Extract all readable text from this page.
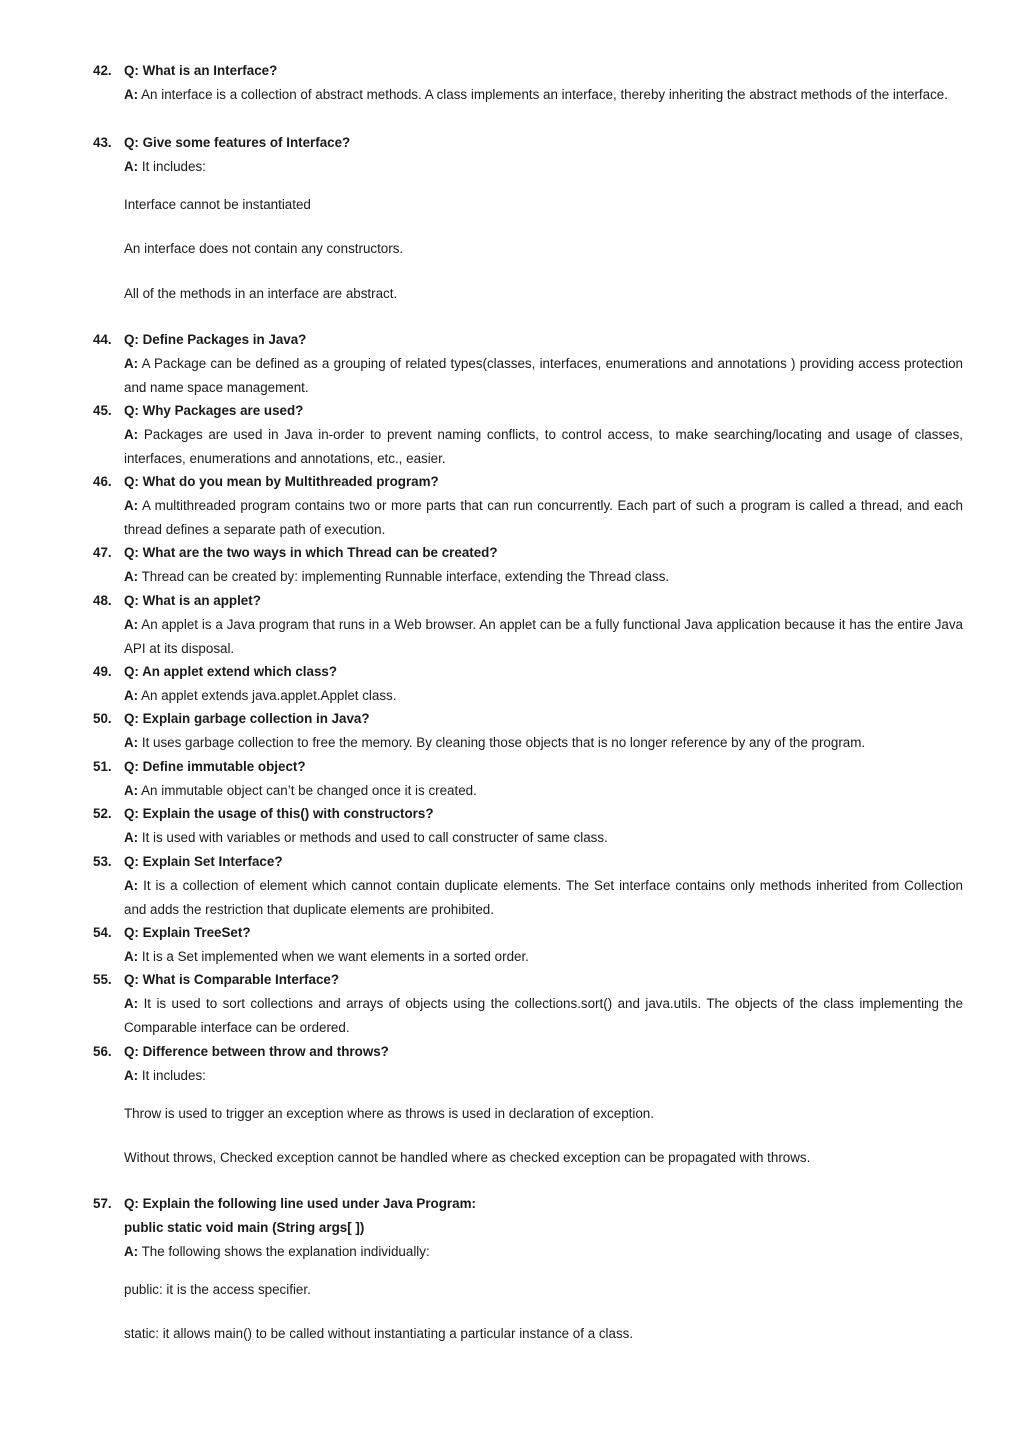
42. Q: What is an Interface?
A: An interface is a collection of abstract methods. A class implements an interface, thereby inheriting the abstract methods of the interface.
43. Q: Give some features of Interface?
A: It includes:
Interface cannot be instantiated
An interface does not contain any constructors.
All of the methods in an interface are abstract.
44. Q: Define Packages in Java?
A: A Package can be defined as a grouping of related types(classes, interfaces, enumerations and annotations ) providing access protection and name space management.
45. Q: Why Packages are used?
A: Packages are used in Java in-order to prevent naming conflicts, to control access, to make searching/locating and usage of classes, interfaces, enumerations and annotations, etc., easier.
46. Q: What do you mean by Multithreaded program?
A: A multithreaded program contains two or more parts that can run concurrently. Each part of such a program is called a thread, and each thread defines a separate path of execution.
47. Q: What are the two ways in which Thread can be created?
A: Thread can be created by: implementing Runnable interface, extending the Thread class.
48. Q: What is an applet?
A: An applet is a Java program that runs in a Web browser. An applet can be a fully functional Java application because it has the entire Java API at its disposal.
49. Q: An applet extend which class?
A: An applet extends java.applet.Applet class.
50. Q: Explain garbage collection in Java?
A: It uses garbage collection to free the memory. By cleaning those objects that is no longer reference by any of the program.
51. Q: Define immutable object?
A: An immutable object can’t be changed once it is created.
52. Q: Explain the usage of this() with constructors?
A: It is used with variables or methods and used to call constructer of same class.
53. Q: Explain Set Interface?
A: It is a collection of element which cannot contain duplicate elements. The Set interface contains only methods inherited from Collection and adds the restriction that duplicate elements are prohibited.
54. Q: Explain TreeSet?
A: It is a Set implemented when we want elements in a sorted order.
55. Q: What is Comparable Interface?
A: It is used to sort collections and arrays of objects using the collections.sort() and java.utils. The objects of the class implementing the Comparable interface can be ordered.
56. Q: Difference between throw and throws?
A: It includes:
Throw is used to trigger an exception where as throws is used in declaration of exception.
Without throws, Checked exception cannot be handled where as checked exception can be propagated with throws.
57. Q: Explain the following line used under Java Program:
public static void main (String args[ ])
A: The following shows the explanation individually:
public: it is the access specifier.
static: it allows main() to be called without instantiating a particular instance of a class.
